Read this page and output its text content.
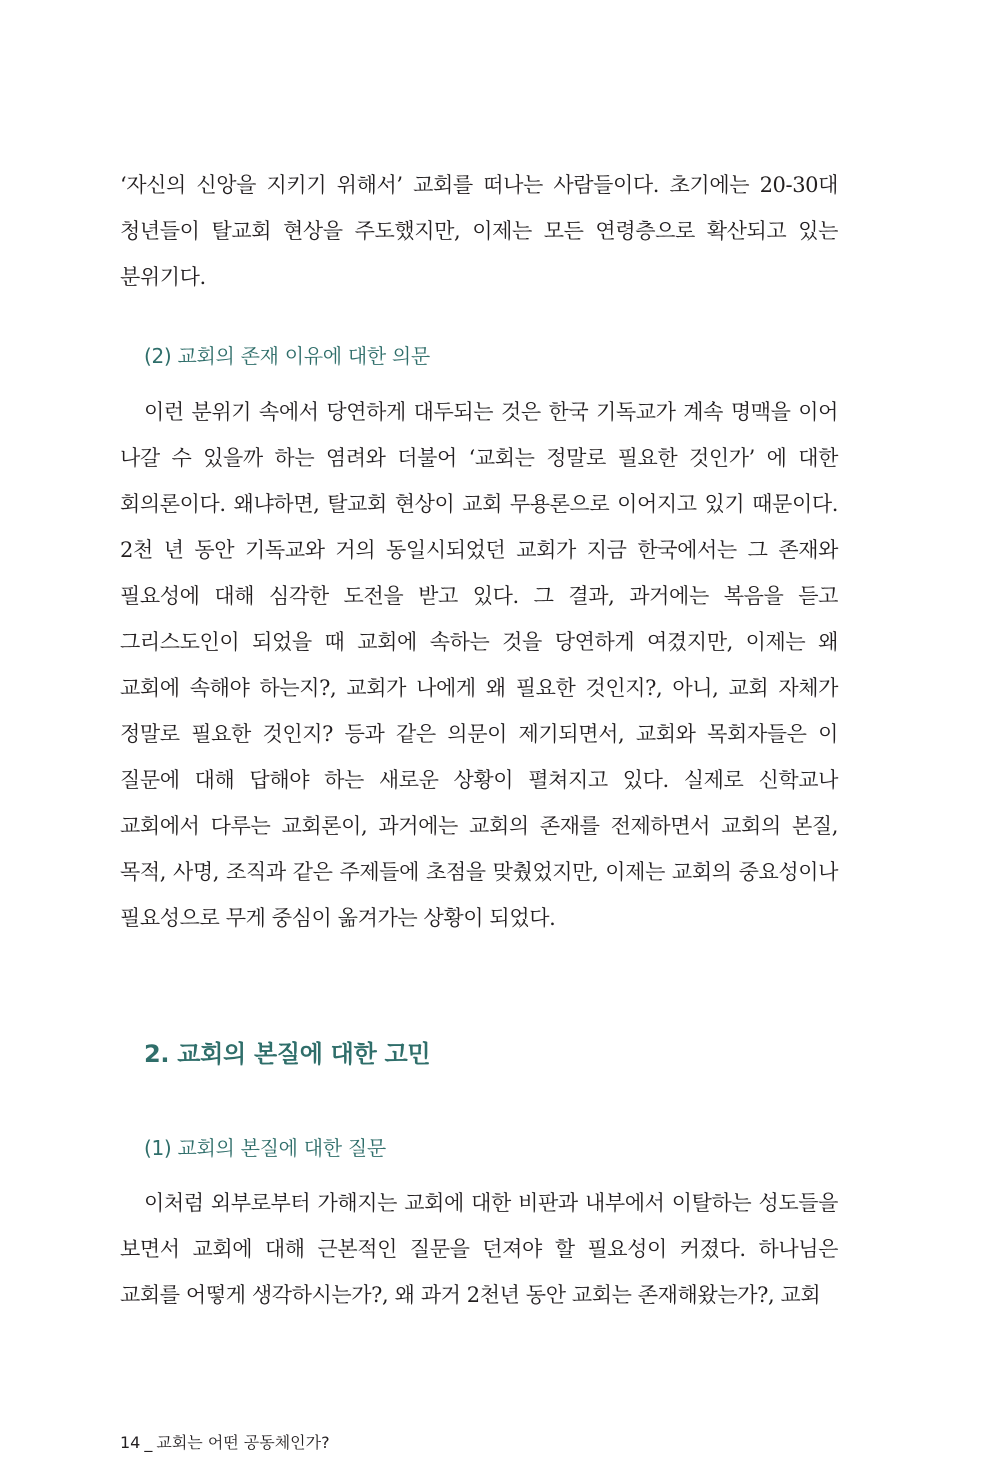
‘자신의 신앙을 지키기 위해서’ 교회를 떠나는 사람들이다. 초기에는 20-30대 청년들이 탈교회 현상을 주도했지만, 이제는 모든 연령층으로 확산되고 있는 분위기다.

(2) 교회의 존재 이유에 대한 의문

이런 분위기 속에서 당연하게 대두되는 것은 한국 기독교가 계속 명맥을 이어 나갈 수 있을까 하는 염려와 더불어 ‘교회는 정말로 필요한 것인가’ 에 대한 회의론이다. 왜냐하면, 탈교회 현상이 교회 무용론으로 이어지고 있기 때문이다. 2천 년 동안 기독교와 거의 동일시되었던 교회가 지금 한국에서는 그 존재와 필요성에 대해 심각한 도전을 받고 있다. 그 결과, 과거에는 복음을 듣고 그리스도인이 되었을 때 교회에 속하는 것을 당연하게 여겼지만, 이제는 왜 교회에 속해야 하는지?, 교회가 나에게 왜 필요한 것인지?, 아니, 교회 자체가 정말로 필요한 것인지? 등과 같은 의문이 제기되면서, 교회와 목회자들은 이 질문에 대해 답해야 하는 새로운 상황이 펼쳐지고 있다. 실제로 신학교나 교회에서 다루는 교회론이, 과거에는 교회의 존재를 전제하면서 교회의 본질, 목적, 사명, 조직과 같은 주제들에 초점을 맞췄었지만, 이제는 교회의 중요성이나 필요성으로 무게 중심이 옮겨가는 상황이 되었다.

2. 교회의 본질에 대한 고민
(1) 교회의 본질에 대한 질문

이처럼 외부로부터 가해지는 교회에 대한 비판과 내부에서 이탈하는 성도들을 보면서 교회에 대해 근본적인 질문을 던져야 할 필요성이 커졌다. 하나님은 교회를 어떻게 생각하시는가?, 왜 과거 2천년 동안 교회는 존재해왔는가?, 교회

14 _ 교회는 어떤 공동체인가?
